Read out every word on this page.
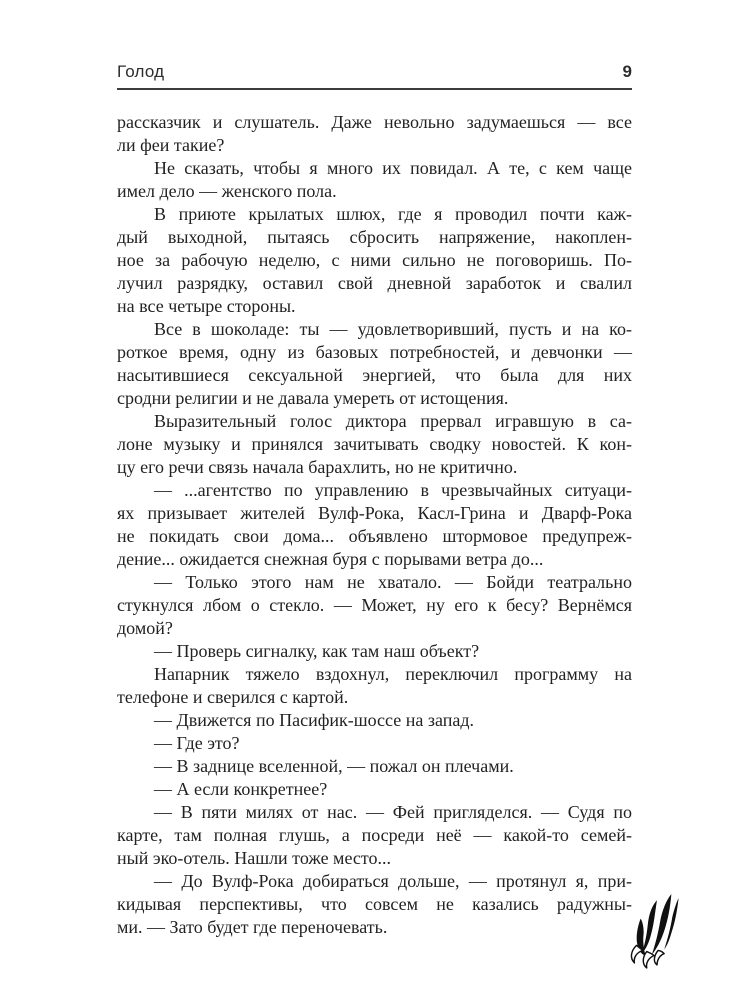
Голод	9
рассказчик и слушатель. Даже невольно задумаешься — все
ли феи такие?
Не сказать, чтобы я много их повидал. А те, с кем чаще
имел дело — женского пола.
В приюте крылатых шлюх, где я проводил почти каж-
дый выходной, пытаясь сбросить напряжение, накоплен-
ное за рабочую неделю, с ними сильно не поговоришь. По-
лучил разрядку, оставил свой дневной заработок и свалил
на все четыре стороны.
Все в шоколаде: ты — удовлетворивший, пусть и на ко-
роткое время, одну из базовых потребностей, и девчонки —
насытившиеся сексуальной энергией, что была для них
сродни религии и не давала умереть от истощения.
Выразительный голос диктора прервал игравшую в са-
лоне музыку и принялся зачитывать сводку новостей. К кон-
цу его речи связь начала барахлить, но не критично.
— ...агентство по управлению в чрезвычайных ситуаци-
ях призывает жителей Вулф-Рока, Касл-Грина и Дварф-Рока
не покидать свои дома... объявлено штормовое предупреж-
дение... ожидается снежная буря с порывами ветра до...
— Только этого нам не хватало. — Бойди театрально
стукнулся лбом о стекло. — Может, ну его к бесу? Вернёмся
домой?
— Проверь сигналку, как там наш объект?
Напарник тяжело вздохнул, переключил программу на
телефоне и сверился с картой.
— Движется по Пасифик-шоссе на запад.
— Где это?
— В заднице вселенной, — пожал он плечами.
— А если конкретнее?
— В пяти милях от нас. — Фей пригляделся. — Судя по
карте, там полная глушь, а посреди неё — какой-то семей-
ный эко-отель. Нашли тоже место...
— До Вулф-Рока добираться дольше, — протянул я, при-
кидывая перспективы, что совсем не казались радужны-
ми. — Зато будет где переночевать.
